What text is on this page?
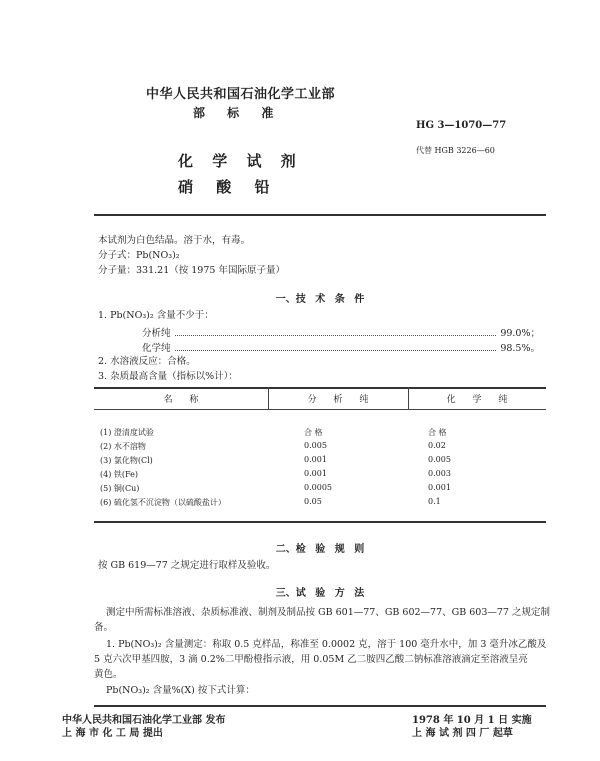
中华人民共和国石油化学工业部
部 标 准
HG 3—1070—77
代替 HGB 3226—60
化 学 试 剂
硝 酸 铅
本试剂为白色结晶。溶于水，有毒。
分子式：Pb(NO₃)₂
分子量：331.21（按 1975 年国际原子量）
一、技 术 条 件
1. Pb(NO₃)₂ 含量不少于：
分析纯	99.0%；
化学纯	98.5%。
2. 水溶液反应：合格。
3. 杂质最高含量（指标以%计）：
名 称	分 析 纯	化 学 纯
(1) 澄清度试验	合 格	合 格
(2) 水不溶物	0.005	0.02
(3) 氯化物(Cl)	0.001	0.005
(4) 铁(Fe)	0.001	0.003
(5) 铜(Cu)	0.0005	0.001
(6) 硫化氢不沉淀物（以硫酸盐计）	0.05	0.1
二、检 验 规 则
按 GB 619—77 之规定进行取样及验收。
三、试 验 方 法
测定中所需标准溶液、杂质标准液、制剂及制品按 GB 601—77、GB 602—77、GB 603—77 之规定制
备。
1. Pb(NO₃)₂ 含量测定：称取 0.5 克样品，称准至 0.0002 克，溶于 100 毫升水中，加 3 毫升冰乙酸及
5 克六次甲基四胺，3 滴 0.2%二甲酚橙指示液，用 0.05M 乙二胺四乙酸二钠标准溶液滴定至溶液呈亮
黄色。
Pb(NO₃)₂ 含量%(X) 按下式计算：
中华人民共和国石油化学工业部 发布
上 海 市 化 工 局 提出
1978 年 10 月 1 日 实施
上 海 试 剂 四 厂 起草
